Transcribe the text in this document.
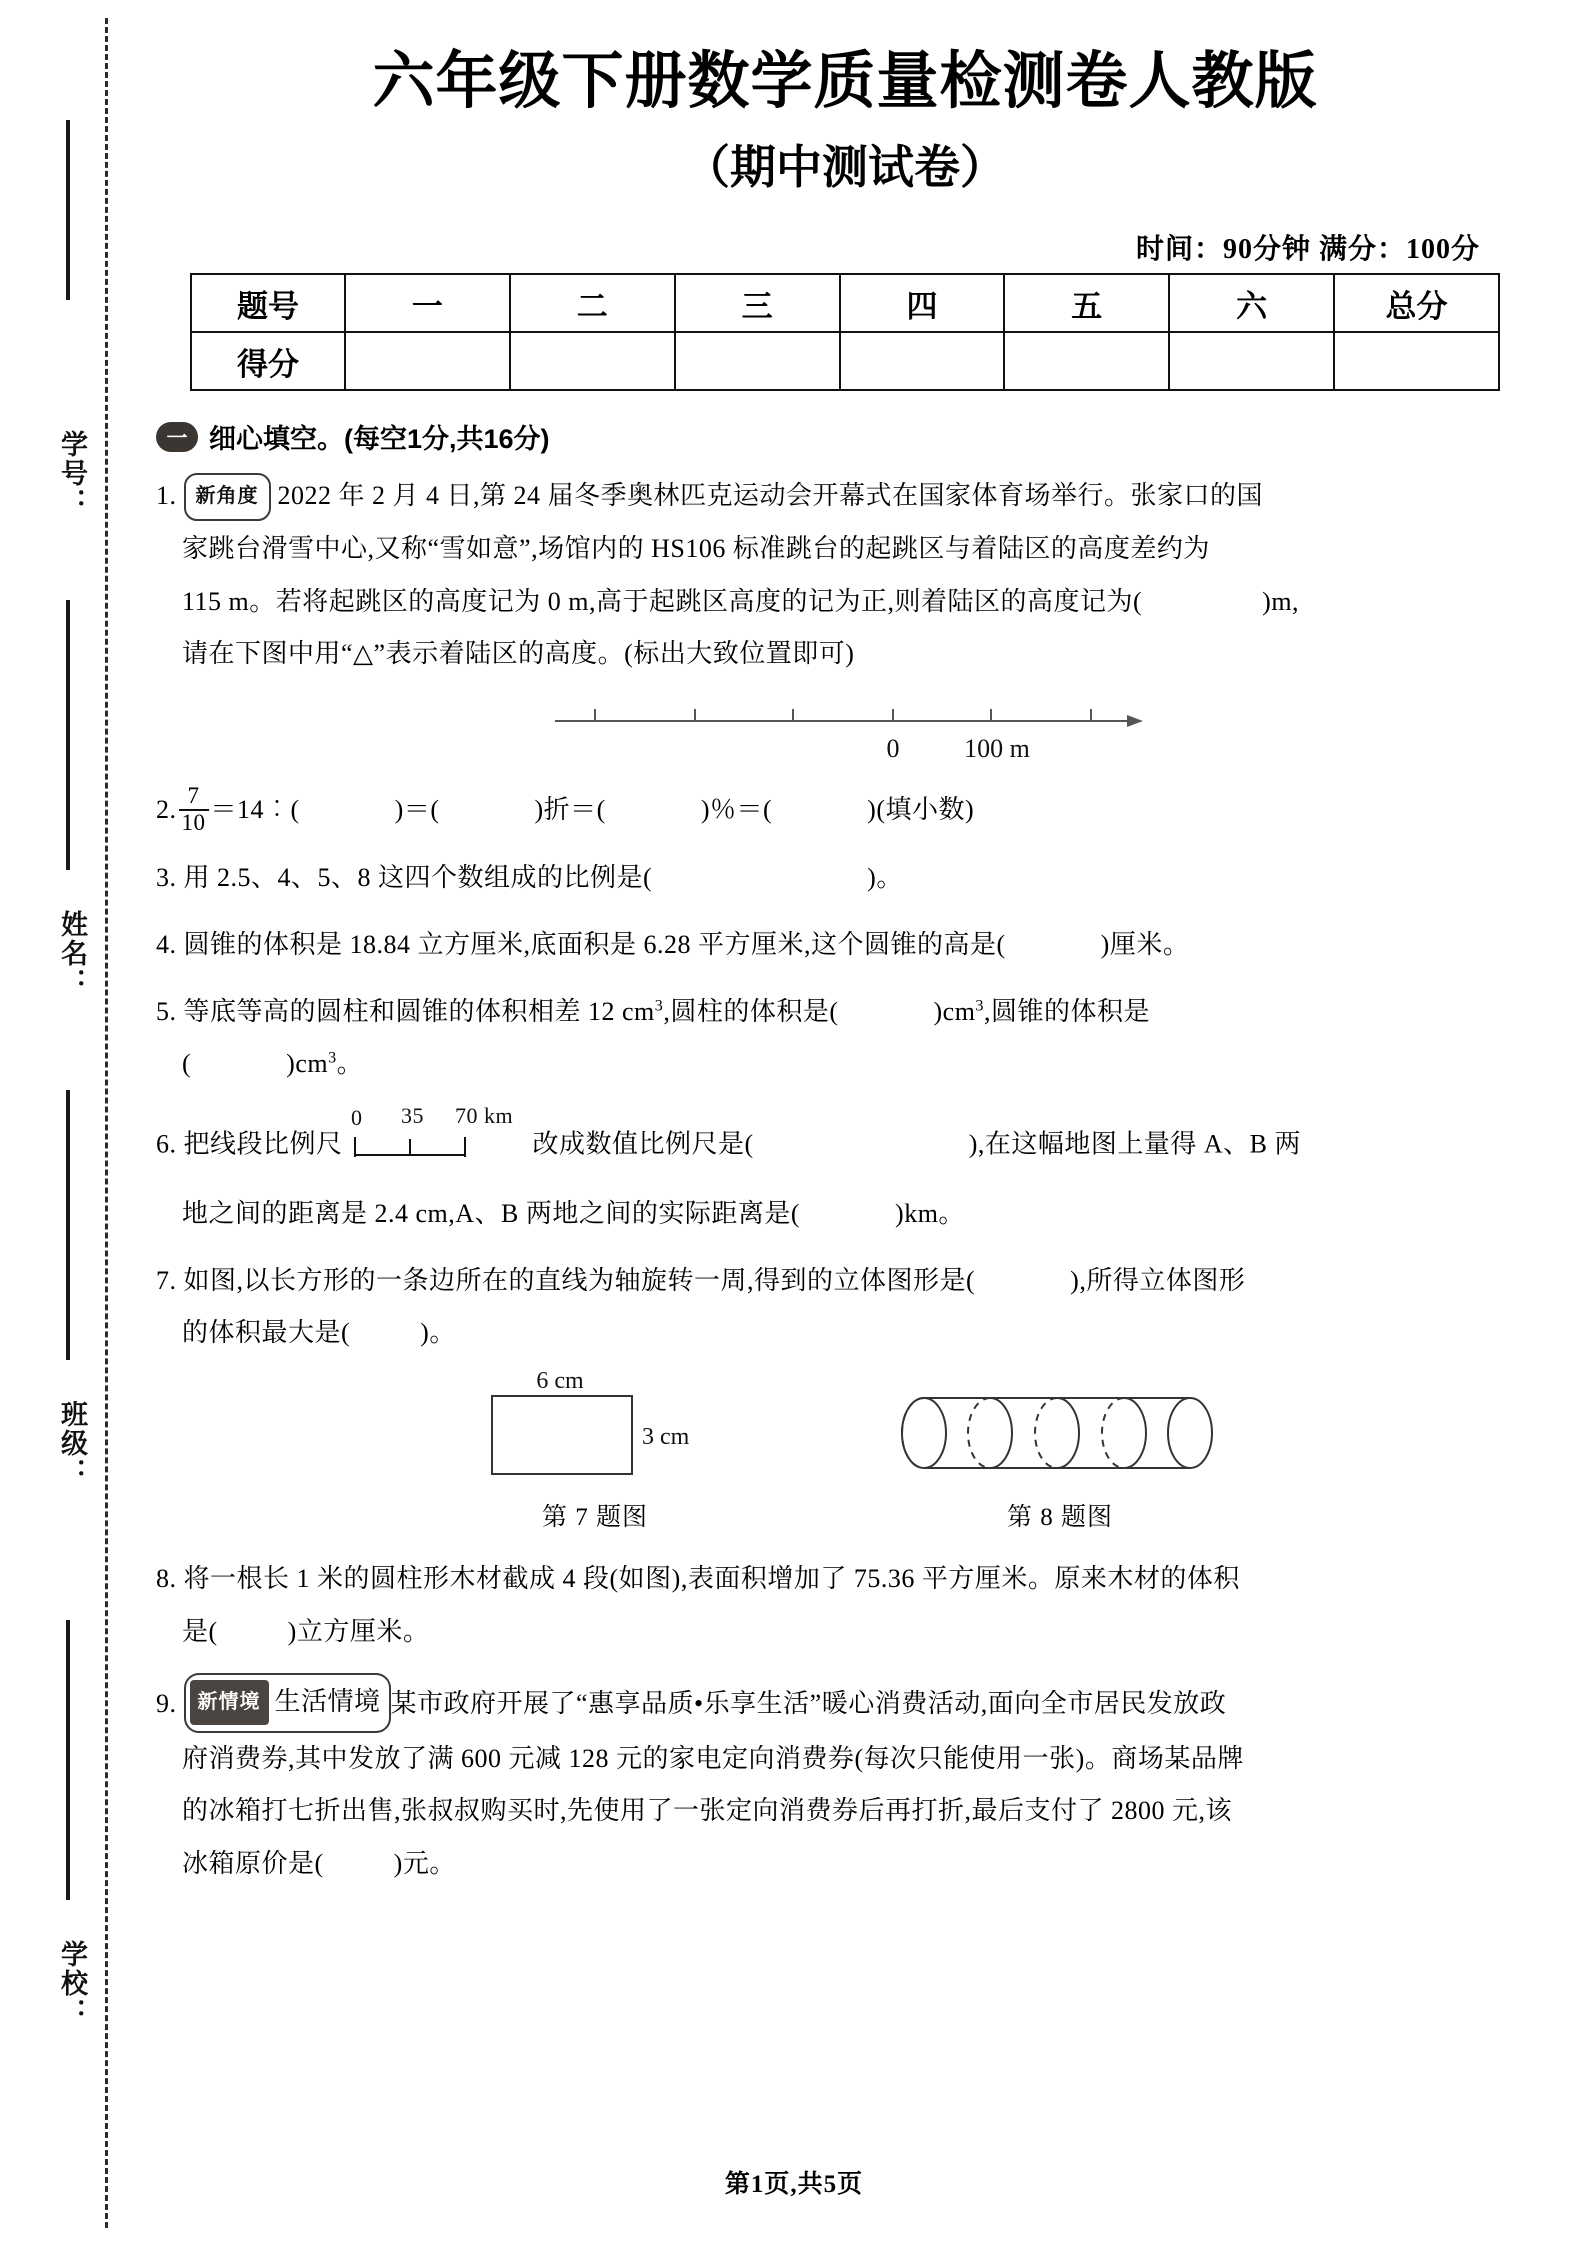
学号：
姓名：
班级：
学校：
六年级下册数学质量检测卷人教版
（期中测试卷）
时间：90分钟 满分：100分
题号	一	二	三	四	五	六	总分
得分							
一 细心填空。(每空1分,共16分)
1. 新角度 2022 年 2 月 4 日,第 24 届冬季奥林匹克运动会开幕式在国家体育场举行。张家口的国
家跳台滑雪中心,又称“雪如意”,场馆内的 HS106 标准跳台的起跳区与着陆区的高度差约为
115 m。若将起跳区的高度记为 0 m,高于起跳区高度的记为正,则着陆区的高度记为(	)m,
请在下图中用“△”表示着陆区的高度。(标出大致位置即可)
0 100 m
2. $\frac{7}{10}$ ＝14︰(	)＝(	)折＝(	)％＝(	)(填小数)
3. 用 2.5、4、5、8 这四个数组成的比例是(	)。
4. 圆锥的体积是 18.84 立方厘米,底面积是 6.28 平方厘米,这个圆锥的高是(	)厘米。
5. 等底等高的圆柱和圆锥的体积相差 12 $cm^3$,圆柱的体积是(	)$cm^3$,圆锥的体积是
(	)$cm^3$。
6. 把线段比例尺
0 35 70 km
改成数值比例尺是(	),在这幅地图上量得 A、B 两
地之间的距离是 2.4 cm,A、B 两地之间的实际距离是(	)km。
7. 如图,以长方形的一条边所在的直线为轴旋转一周,得到的立体图形是(	),所得立体图形
的体积最大是(	)。
6 cm
3 cm
第 7 题图	第 8 题图
8. 将一根长 1 米的圆柱形木材截成 4 段(如图),表面积增加了 75.36 平方厘米。原来木材的体积
是(	)立方厘米。
9. 新情境 生活情境 某市政府开展了“惠享品质•乐享生活”暖心消费活动,面向全市居民发放政
府消费券,其中发放了满 600 元减 128 元的家电定向消费券(每次只能使用一张)。商场某品牌
的冰箱打七折出售,张叔叔购买时,先使用了一张定向消费券后再打折,最后支付了 2800 元,该
冰箱原价是(	)元。
第1页,共5页
